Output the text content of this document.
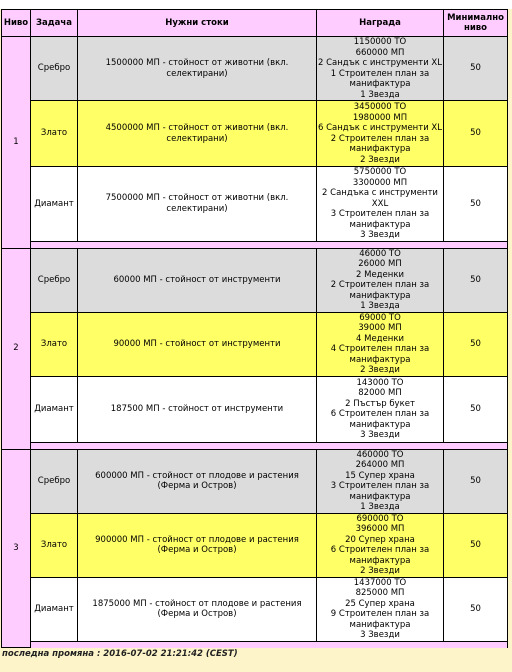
Ниво	Задача	Нужни стоки	Награда	Минимално ниво
1	Сребро	1500000 МП - стойност от животни (вкл. селектирани)	1150000 ТО
660000 МП
2 Сандък с инструменти XL
1 Строителен план за манифактура
1 Звезда	50
	Злато	4500000 МП - стойност от животни (вкл. селектирани)	3450000 ТО
1980000 МП
6 Сандък с инструменти XL
2 Строителен план за манифактура
2 Звезди	50
	Диамант	7500000 МП - стойност от животни (вкл. селектирани)	5750000 ТО
3300000 МП
2 Сандъка с инструменти XXL
3 Строителен план за манифактура
3 Звезди	50

2	Сребро	60000 МП - стойност от инструменти	46000 ТО
26000 МП
2 Меденки
2 Строителен план за манифактура
1 Звезда	50
	Злато	90000 МП - стойност от инструменти	69000 ТО
39000 МП
4 Меденки
4 Строителен план за манифактура
2 Звезди	50
	Диамант	187500 МП - стойност от инструменти	143000 ТО
82000 МП
2 Пъстър букет
6 Строителен план за манифактура
3 Звезди	50

3	Сребро	600000 МП - стойност от плодове и растения (Ферма и Остров)	460000 ТО
264000 МП
15 Супер храна
3 Строителен план за манифактура
1 Звезда	50
	Злато	900000 МП - стойност от плодове и растения (Ферма и Остров)	690000 ТО
396000 МП
20 Супер храна
6 Строителен план за манифактура
2 Звезди	50
	Диамант	1875000 МП - стойност от плодове и растения (Ферма и Остров)	1437000 ТО
825000 МП
25 Супер храна
9 Строителен план за манифактура
3 Звезди	50

последна промяна : 2016-07-02 21:21:42 (CEST)
